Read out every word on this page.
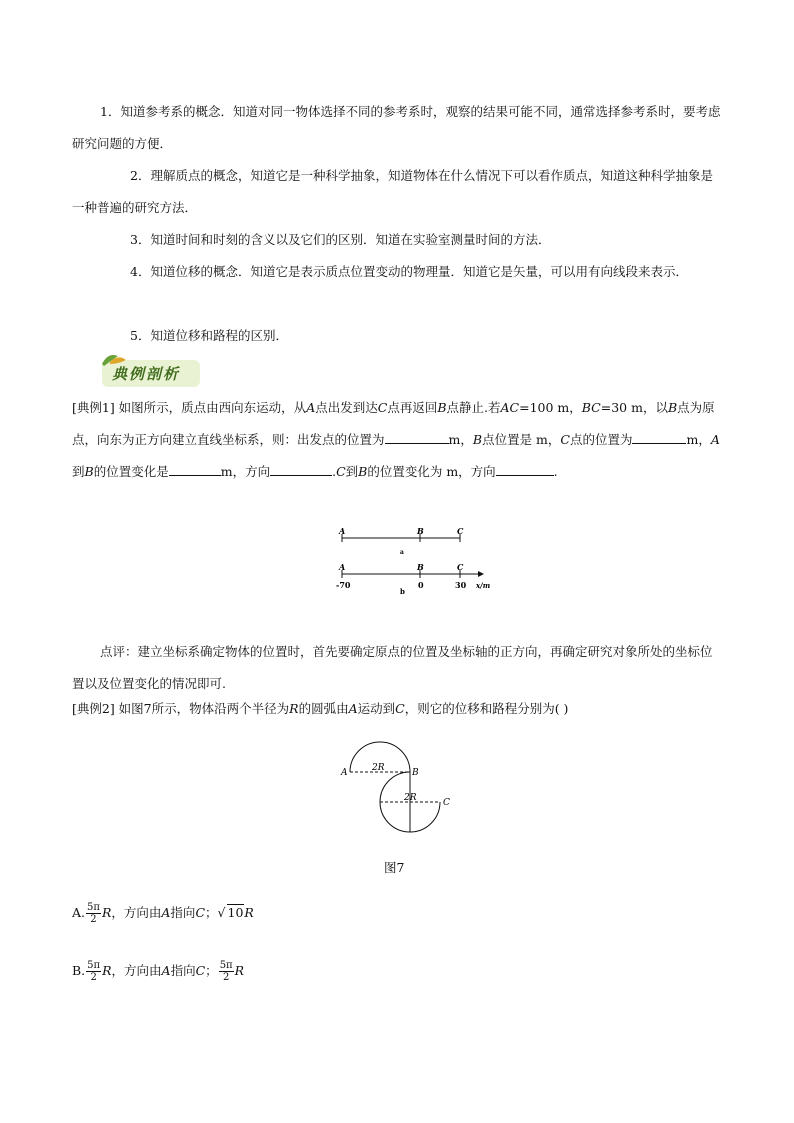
1．知道参考系的概念．知道对同一物体选择不同的参考系时，观察的结果可能不同，通常选择参考系时，要考虑研究问题的方便．
2．理解质点的概念，知道它是一种科学抽象，知道物体在什么情况下可以看作质点，知道这种科学抽象是一种普遍的研究方法．
3．知道时间和时刻的含义以及它们的区别．知道在实验室测量时间的方法．
4．知道位移的概念．知道它是表示质点位置变动的物理量．知道它是矢量，可以用有向线段来表示．
5．知道位移和路程的区别．
典例剖析
[典例1] 如图所示，质点由西向东运动，从A点出发到达C点再返回B点静止.若AC=100 m，BC=30 m，以B点为原点，向东为正方向建立直线坐标系，则：出发点的位置为	m，B点位置是 m，C点的位置为	m，A到B的位置变化是	m，方向	.C到B的位置变化为 m，方向	.
A	B	C
a
A	B	C
-70	0	30 x/m
b
点评：建立坐标系确定物体的位置时，首先要确定原点的位置及坐标轴的正方向，再确定研究对象所处的坐标位置以及位置变化的情况即可.
[典例2] 如图7所示，物体沿两个半径为R的圆弧由A运动到C，则它的位移和路程分别为( )
A	B
C
2R
2R
图7
A. $\frac{5\pi}{2}$ R，方向由A指向C；√ 10R
B. $\frac{5\pi}{2}$ R，方向由A指向C； $\frac{5\pi}{2}$ R
